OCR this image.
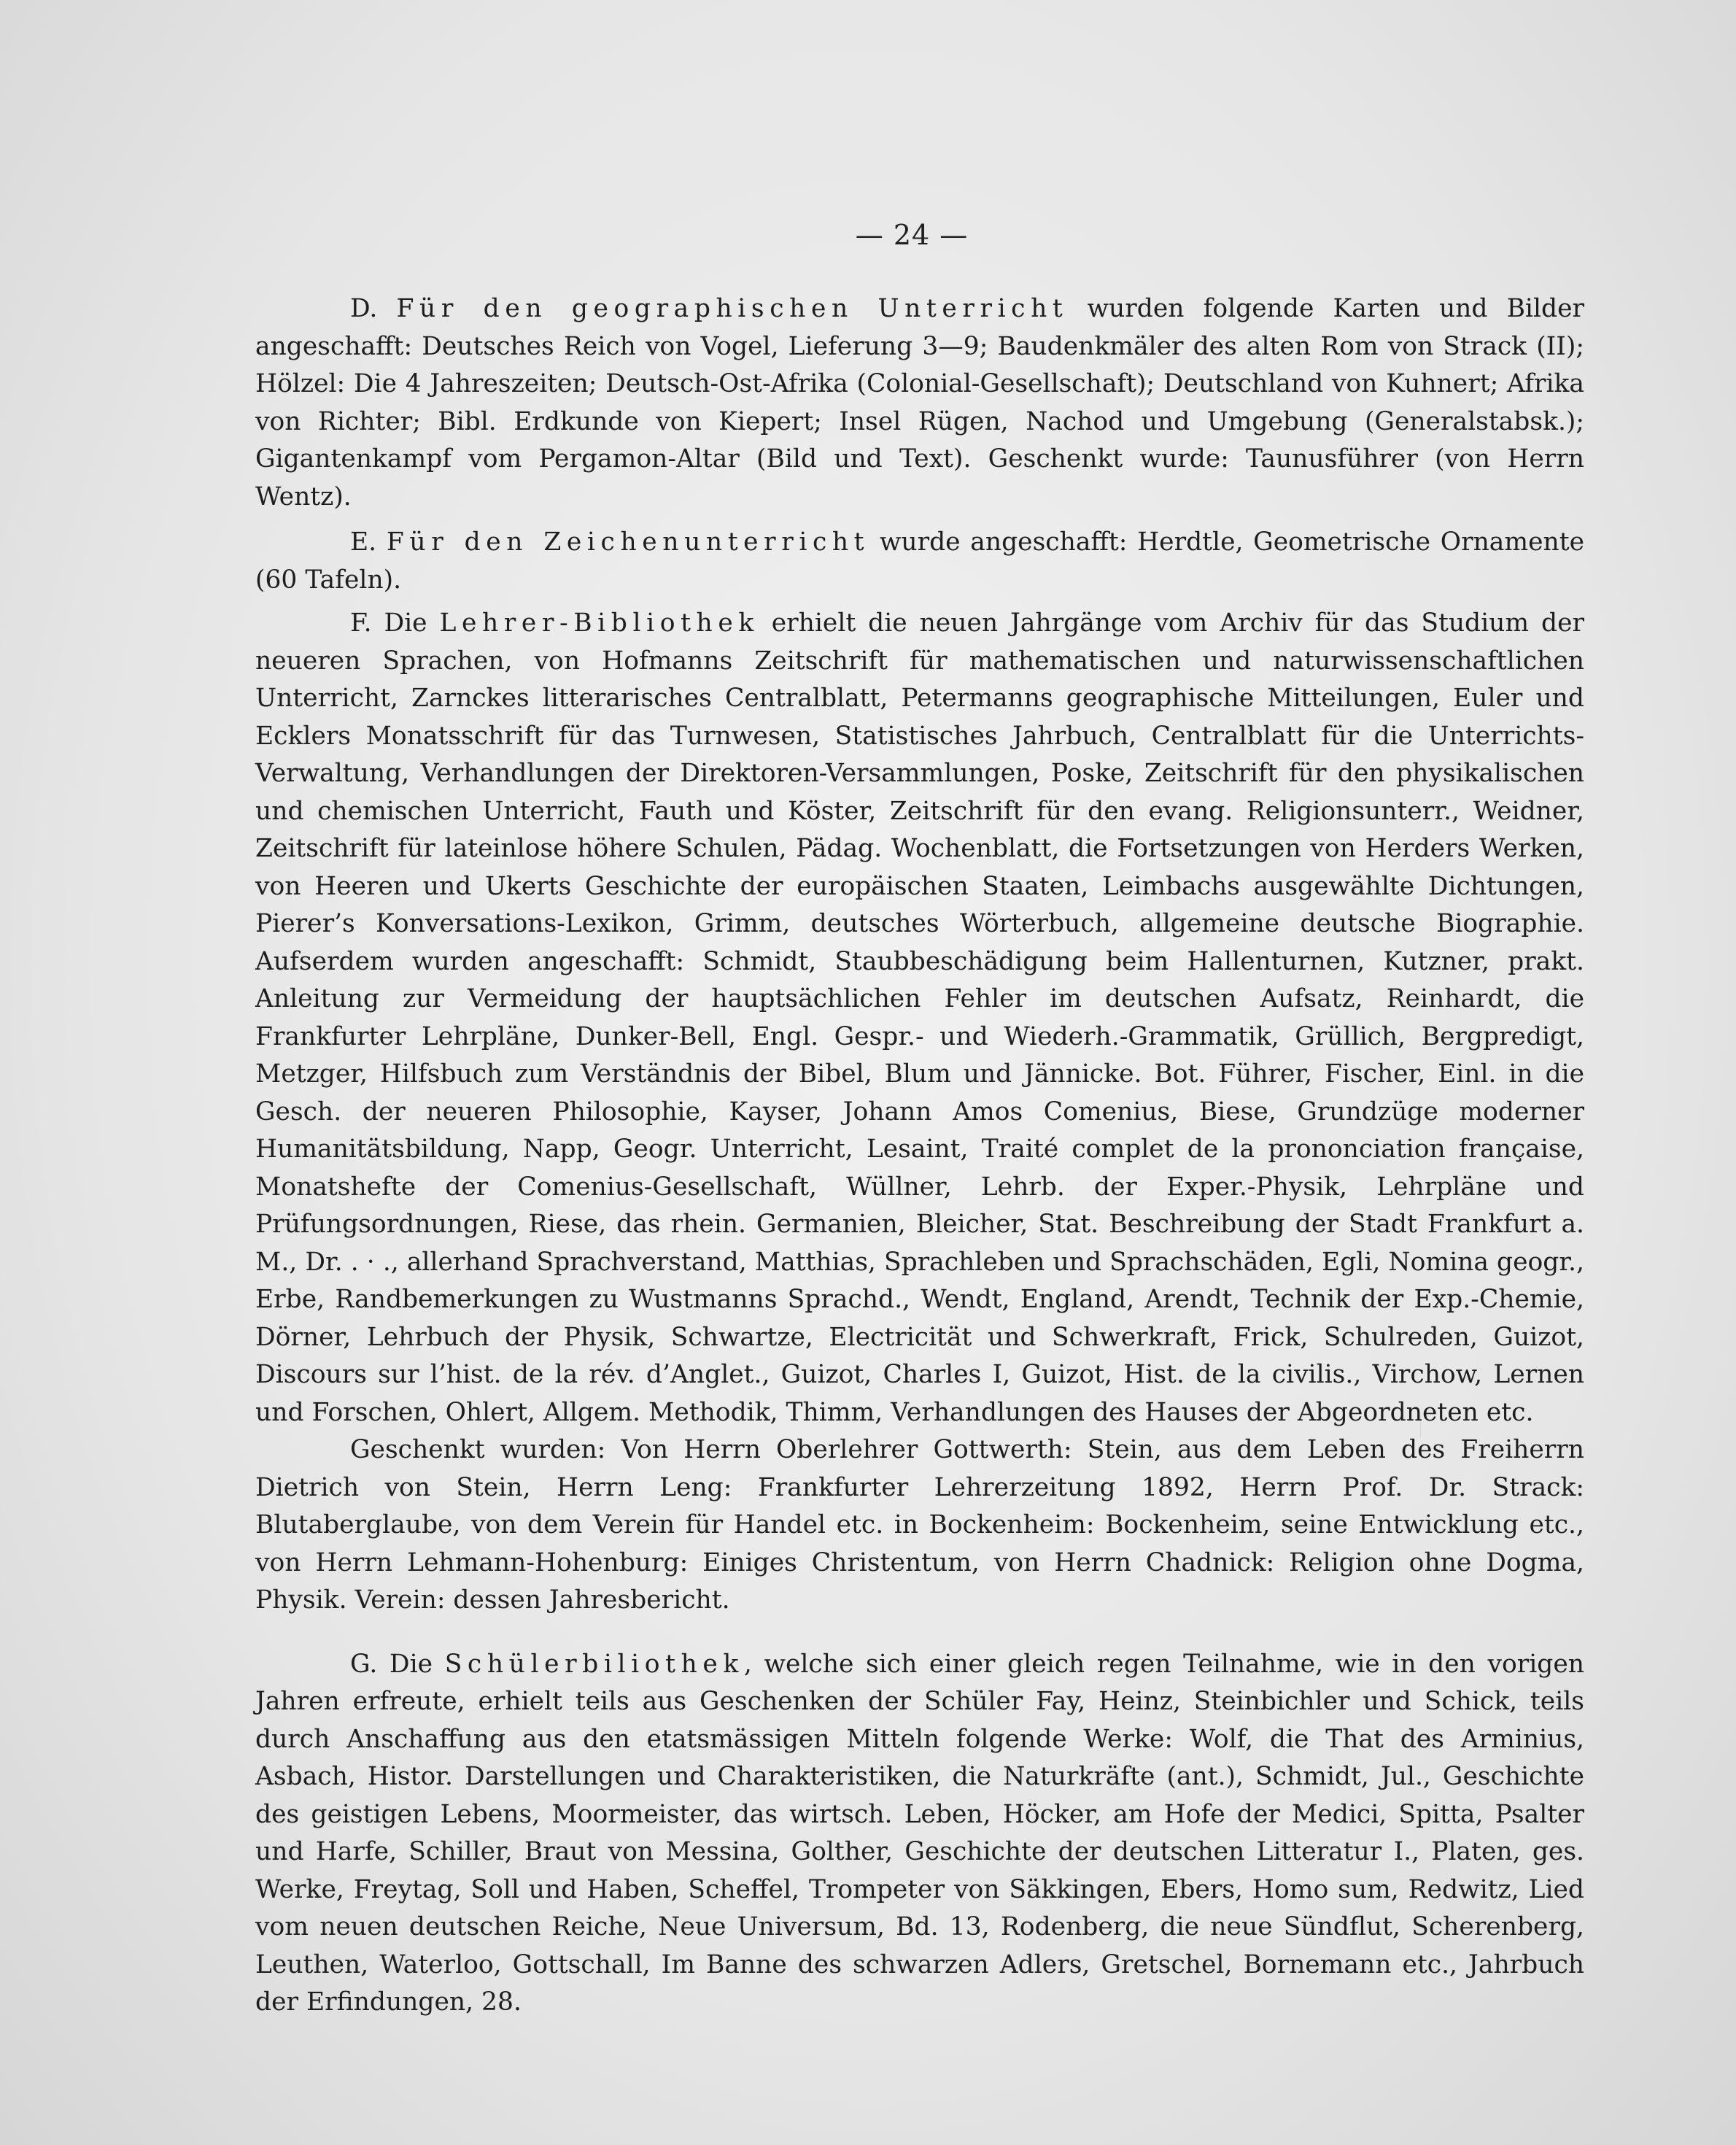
— 24 —

D. Für den geographischen Unterricht wurden folgende Karten und Bilder angeschafft: Deutsches Reich von Vogel, Lieferung 3—9; Baudenkmäler des alten Rom von Strack (II); Hölzel: Die 4 Jahreszeiten; Deutsch-Ost-Afrika (Colonial-Gesellschaft); Deutschland von Kuhnert; Afrika von Richter; Bibl. Erdkunde von Kiepert; Insel Rügen, Nachod und Umgebung (Generalstabsk.); Gigantenkampf vom Pergamon-Altar (Bild und Text). Geschenkt wurde: Taunusführer (von Herrn Wentz).

E. Für den Zeichenunterricht wurde angeschafft: Herdtle, Geometrische Ornamente (60 Tafeln).

F. Die Lehrer-Bibliothek erhielt die neuen Jahrgänge vom Archiv für das Studium der neueren Sprachen, von Hofmanns Zeitschrift für mathematischen und naturwissenschaftlichen Unterricht, Zarnckes litterarisches Centralblatt, Petermanns geographische Mitteilungen, Euler und Ecklers Monatsschrift für das Turnwesen, Statistisches Jahrbuch, Centralblatt für die Unterrichts-Verwaltung, Verhandlungen der Direktoren-Versammlungen, Poske, Zeitschrift für den physikalischen und chemischen Unterricht, Fauth und Köster, Zeitschrift für den evang. Religionsunterr., Weidner, Zeitschrift für lateinlose höhere Schulen, Pädag. Wochenblatt, die Fortsetzungen von Herders Werken, von Heeren und Ukerts Geschichte der europäischen Staaten, Leimbachs ausgewählte Dichtungen, Pierer’s Konversations-Lexikon, Grimm, deutsches Wörterbuch, allgemeine deutsche Biographie. Aufserdem wurden angeschafft: Schmidt, Staubbeschädigung beim Hallenturnen, Kutzner, prakt. Anleitung zur Vermeidung der hauptsächlichen Fehler im deutschen Aufsatz, Reinhardt, die Frankfurter Lehrpläne, Dunker-Bell, Engl. Gespr.- und Wiederh.-Grammatik, Grüllich, Bergpredigt, Metzger, Hilfsbuch zum Verständnis der Bibel, Blum und Jännicke. Bot. Führer, Fischer, Einl. in die Gesch. der neueren Philosophie, Kayser, Johann Amos Comenius, Biese, Grundzüge moderner Humanitätsbildung, Napp, Geogr. Unterricht, Lesaint, Traité complet de la prononciation française, Monatshefte der Comenius-Gesellschaft, Wüllner, Lehrb. der Exper.-Physik, Lehrpläne und Prüfungsordnungen, Riese, das rhein. Germanien, Bleicher, Stat. Beschreibung der Stadt Frankfurt a. M., Dr. . · ., allerhand Sprachverstand, Matthias, Sprachleben und Sprachschäden, Egli, Nomina geogr., Erbe, Randbemerkungen zu Wustmanns Sprachd., Wendt, England, Arendt, Technik der Exp.-Chemie, Dörner, Lehrbuch der Physik, Schwartze, Electricität und Schwerkraft, Frick, Schulreden, Guizot, Discours sur l’hist. de la rév. d’Anglet., Guizot, Charles I, Guizot, Hist. de la civilis., Virchow, Lernen und Forschen, Ohlert, Allgem. Methodik, Thimm, Verhandlungen des Hauses der Abgeordneten etc.

Geschenkt wurden: Von Herrn Oberlehrer Gottwerth: Stein, aus dem Leben des Freiherrn Dietrich von Stein, Herrn Leng: Frankfurter Lehrerzeitung 1892, Herrn Prof. Dr. Strack: Blutaberglaube, von dem Verein für Handel etc. in Bockenheim: Bockenheim, seine Entwicklung etc., von Herrn Lehmann-Hohenburg: Einiges Christentum, von Herrn Chadnick: Religion ohne Dogma, Physik. Verein: dessen Jahresbericht.

G. Die Schülerbiliothek, welche sich einer gleich regen Teilnahme, wie in den vorigen Jahren erfreute, erhielt teils aus Geschenken der Schüler Fay, Heinz, Steinbichler und Schick, teils durch Anschaffung aus den etatsmässigen Mitteln folgende Werke: Wolf, die That des Arminius, Asbach, Histor. Darstellungen und Charakteristiken, die Naturkräfte (ant.), Schmidt, Jul., Geschichte des geistigen Lebens, Moormeister, das wirtsch. Leben, Höcker, am Hofe der Medici, Spitta, Psalter und Harfe, Schiller, Braut von Messina, Golther, Geschichte der deutschen Litteratur I., Platen, ges. Werke, Freytag, Soll und Haben, Scheffel, Trompeter von Säkkingen, Ebers, Homo sum, Redwitz, Lied vom neuen deutschen Reiche, Neue Universum, Bd. 13, Rodenberg, die neue Sündflut, Scherenberg, Leuthen, Waterloo, Gottschall, Im Banne des schwarzen Adlers, Gretschel, Bornemann etc., Jahrbuch der Erfindungen, 28.
